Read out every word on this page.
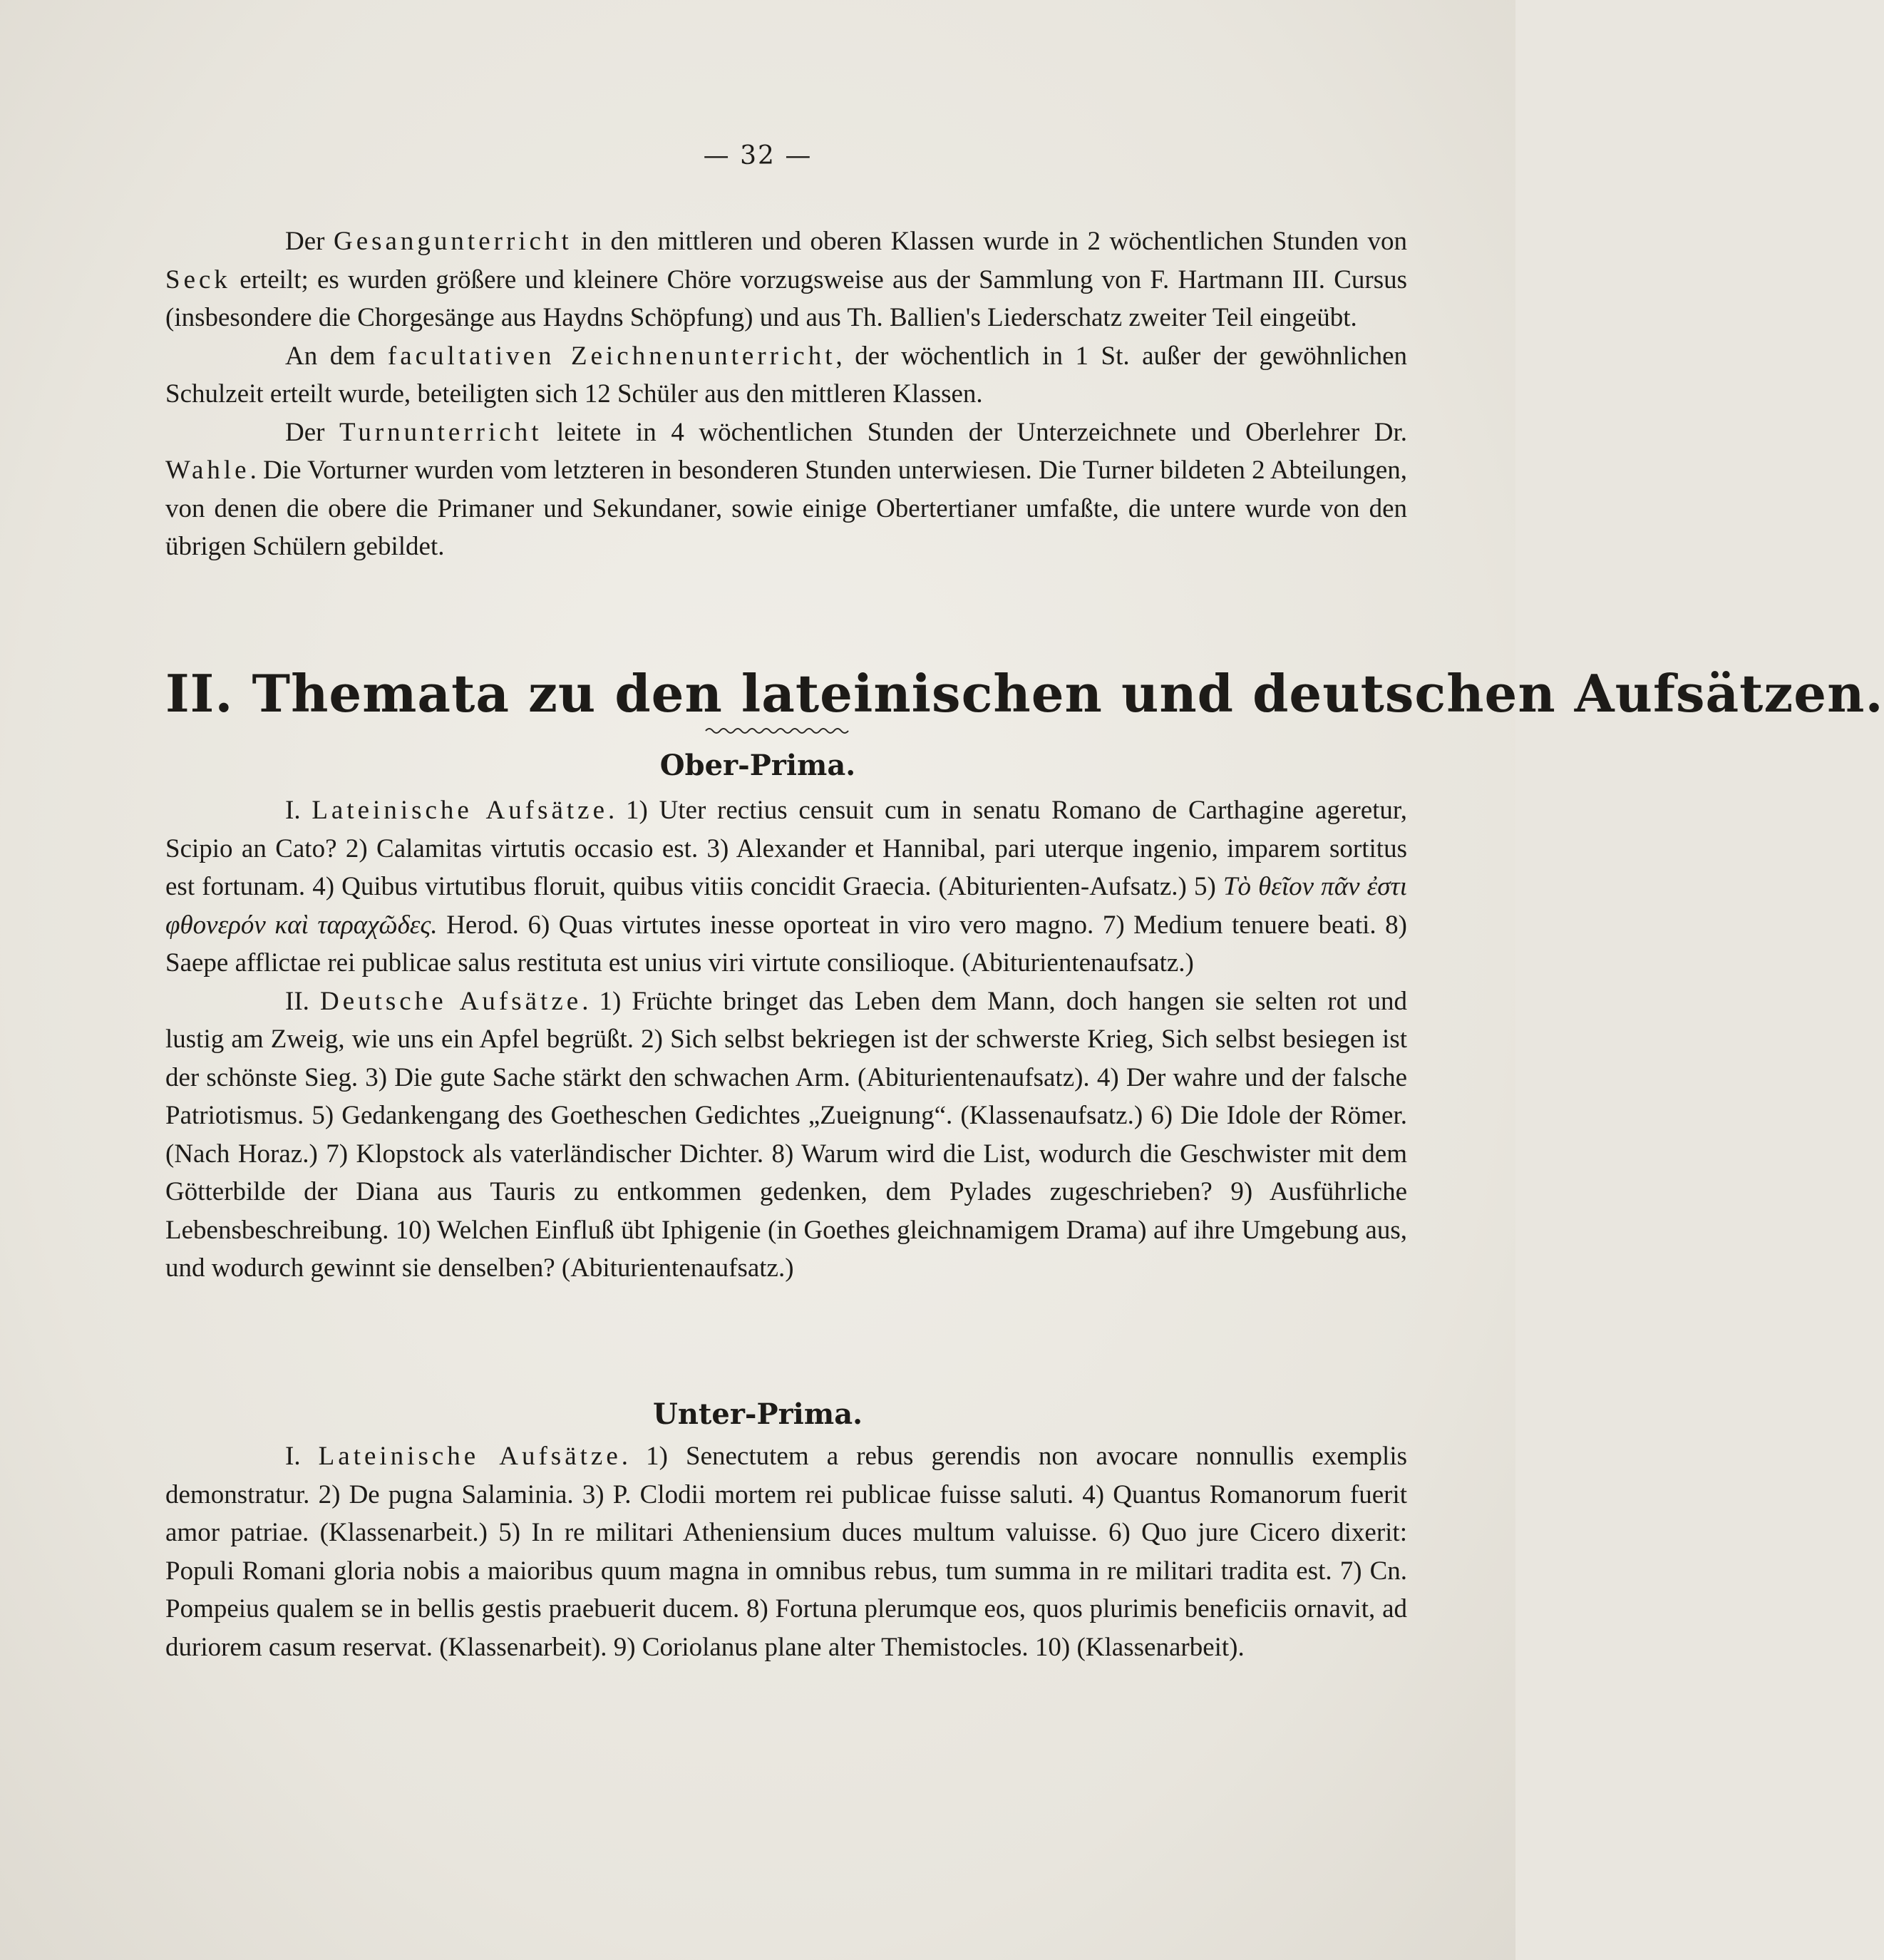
— 32 —

Der Gesangunterricht in den mittleren und oberen Klassen wurde in 2 wöchentlichen Stunden von Seck erteilt; es wurden größere und kleinere Chöre vorzugsweise aus der Sammlung von F. Hartmann III. Cursus (insbesondere die Chorgesänge aus Haydns Schöpfung) und aus Th. Ballien's Liederschatz zweiter Teil eingeübt.

An dem facultativen Zeichnenunterricht, der wöchentlich in 1 St. außer der gewöhnlichen Schulzeit erteilt wurde, beteiligten sich 12 Schüler aus den mittleren Klassen.

Der Turnunterricht leitete in 4 wöchentlichen Stunden der Unterzeichnete und Oberlehrer Dr. Wahle. Die Vorturner wurden vom letzteren in besonderen Stunden unterwiesen. Die Turner bildeten 2 Abteilungen, von denen die obere die Primaner und Sekundaner, sowie einige Obertertianer umfaßte, die untere wurde von den übrigen Schülern gebildet.

II. Themata zu den lateinischen und deutschen Aufsätzen.
Ober-Prima.

I. Lateinische Aufsätze. 1) Uter rectius censuit cum in senatu Romano de Carthagine ageretur, Scipio an Cato? 2) Calamitas virtutis occasio est. 3) Alexander et Hannibal, pari uterque ingenio, imparem sortitus est fortunam. 4) Quibus virtutibus floruit, quibus vitiis concidit Graecia. (Abiturienten-Aufsatz.) 5) Τὸ θεῖον πᾶν ἐστι φθονερόν καὶ ταραχῶδες. Herod. 6) Quas virtutes inesse oporteat in viro vero magno. 7) Medium tenuere beati. 8) Saepe afflictae rei publicae salus restituta est unius viri virtute consilioque. (Abiturientenaufsatz.)

II. Deutsche Aufsätze. 1) Früchte bringet das Leben dem Mann, doch hangen sie selten rot und lustig am Zweig, wie uns ein Apfel begrüßt. 2) Sich selbst bekriegen ist der schwerste Krieg, Sich selbst besiegen ist der schönste Sieg. 3) Die gute Sache stärkt den schwachen Arm. (Abiturientenaufsatz). 4) Der wahre und der falsche Patriotismus. 5) Gedankengang des Goetheschen Gedichtes „Zueignung“. (Klassenaufsatz.) 6) Die Idole der Römer. (Nach Horaz.) 7) Klopstock als vaterländischer Dichter. 8) Warum wird die List, wodurch die Geschwister mit dem Götterbilde der Diana aus Tauris zu entkommen gedenken, dem Pylades zugeschrieben? 9) Ausführliche Lebensbeschreibung. 10) Welchen Einfluß übt Iphigenie (in Goethes gleichnamigem Drama) auf ihre Umgebung aus, und wodurch gewinnt sie denselben? (Abiturientenaufsatz.)

Unter-Prima.

I. Lateinische Aufsätze. 1) Senectutem a rebus gerendis non avocare nonnullis exemplis demonstratur. 2) De pugna Salaminia. 3) P. Clodii mortem rei publicae fuisse saluti. 4) Quantus Romanorum fuerit amor patriae. (Klassenarbeit.) 5) In re militari Atheniensium duces multum valuisse. 6) Quo jure Cicero dixerit: Populi Romani gloria nobis a maioribus quum magna in omnibus rebus, tum summa in re militari tradita est. 7) Cn. Pompeius qualem se in bellis gestis praebuerit ducem. 8) Fortuna plerumque eos, quos plurimis beneficiis ornavit, ad duriorem casum reservat. (Klassenarbeit). 9) Coriolanus plane alter Themistocles. 10) (Klassenarbeit).
